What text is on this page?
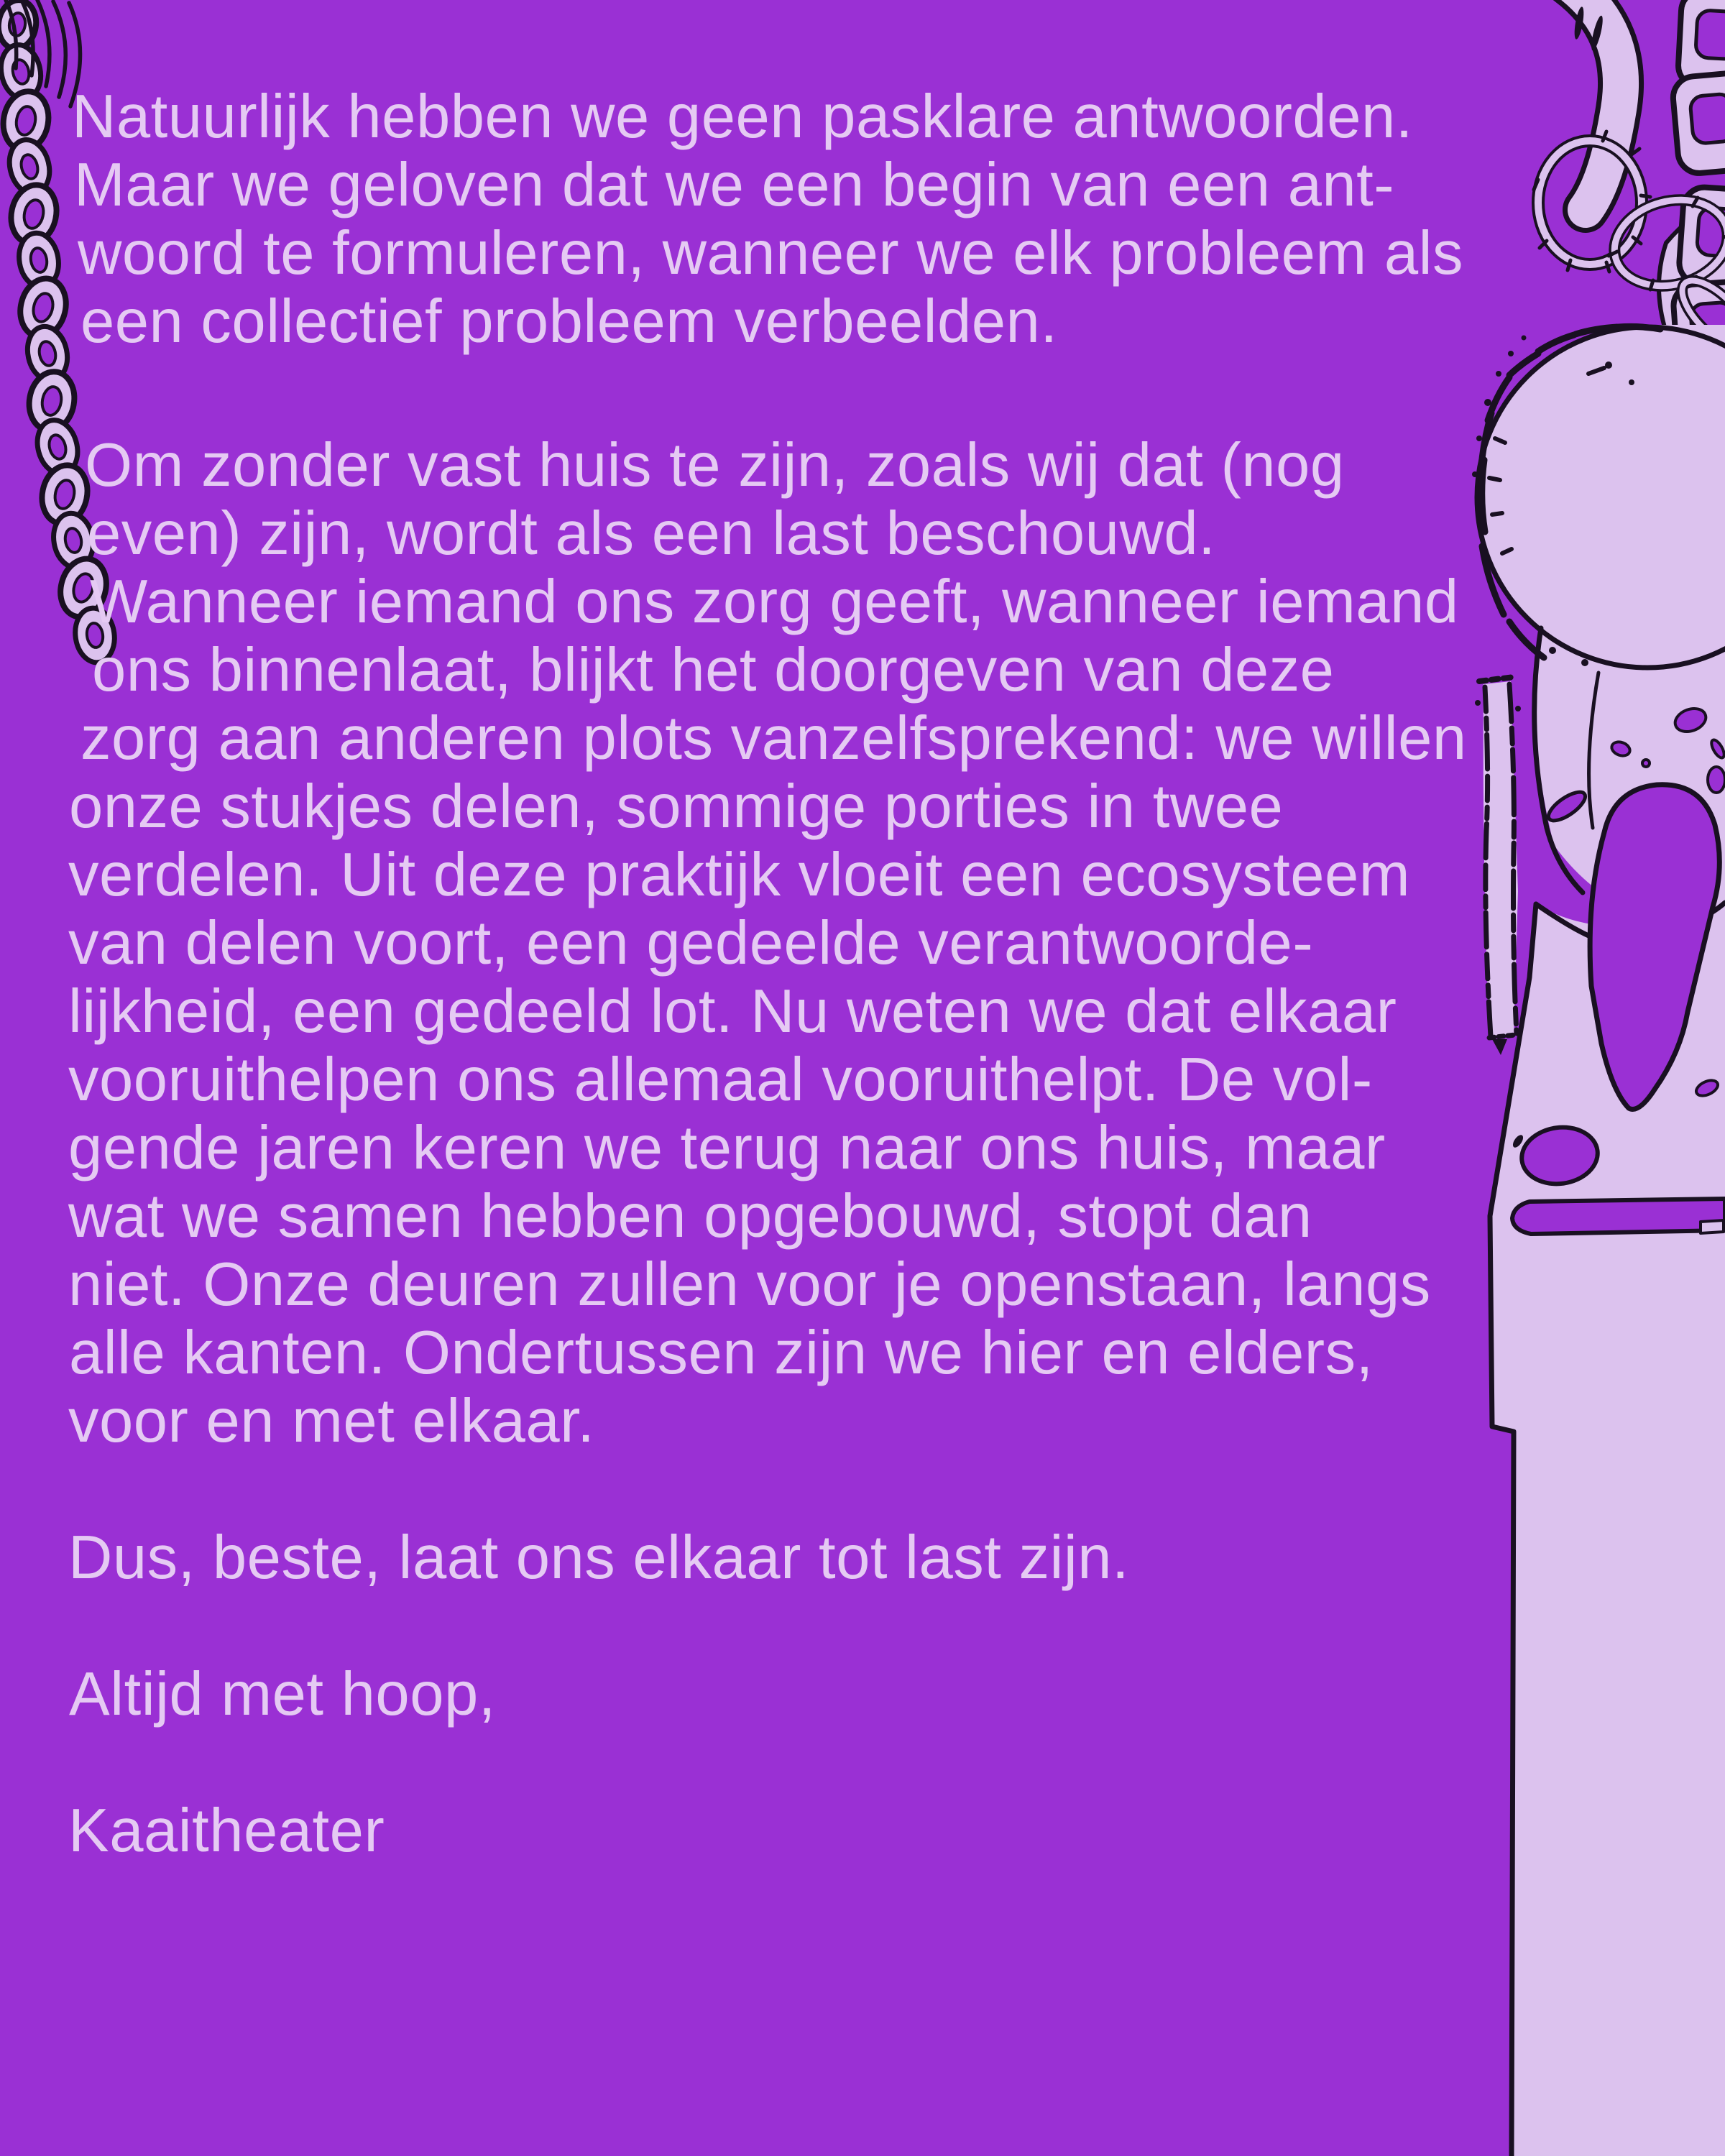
Natuurlijk hebben we geen pasklare antwoorden.
Maar we geloven dat we een begin van een ant-
woord te formuleren, wanneer we elk probleem als
een collectief probleem verbeelden.
Om zonder vast huis te zijn, zoals wij dat (nog
even) zijn, wordt als een last beschouwd.
Wanneer iemand ons zorg geeft, wanneer iemand
ons binnenlaat, blijkt het doorgeven van deze
zorg aan anderen plots vanzelfsprekend: we willen
onze stukjes delen, sommige porties in twee
verdelen. Uit deze praktijk vloeit een ecosysteem
van delen voort, een gedeelde verantwoorde-
lijkheid, een gedeeld lot. Nu weten we dat elkaar
vooruithelpen ons allemaal vooruithelpt. De vol-
gende jaren keren we terug naar ons huis, maar
wat we samen hebben opgebouwd, stopt dan
niet. Onze deuren zullen voor je openstaan, langs
alle kanten. Ondertussen zijn we hier en elders,
voor en met elkaar.
Dus, beste, laat ons elkaar tot last zijn.
Altijd met hoop,
Kaaitheater
